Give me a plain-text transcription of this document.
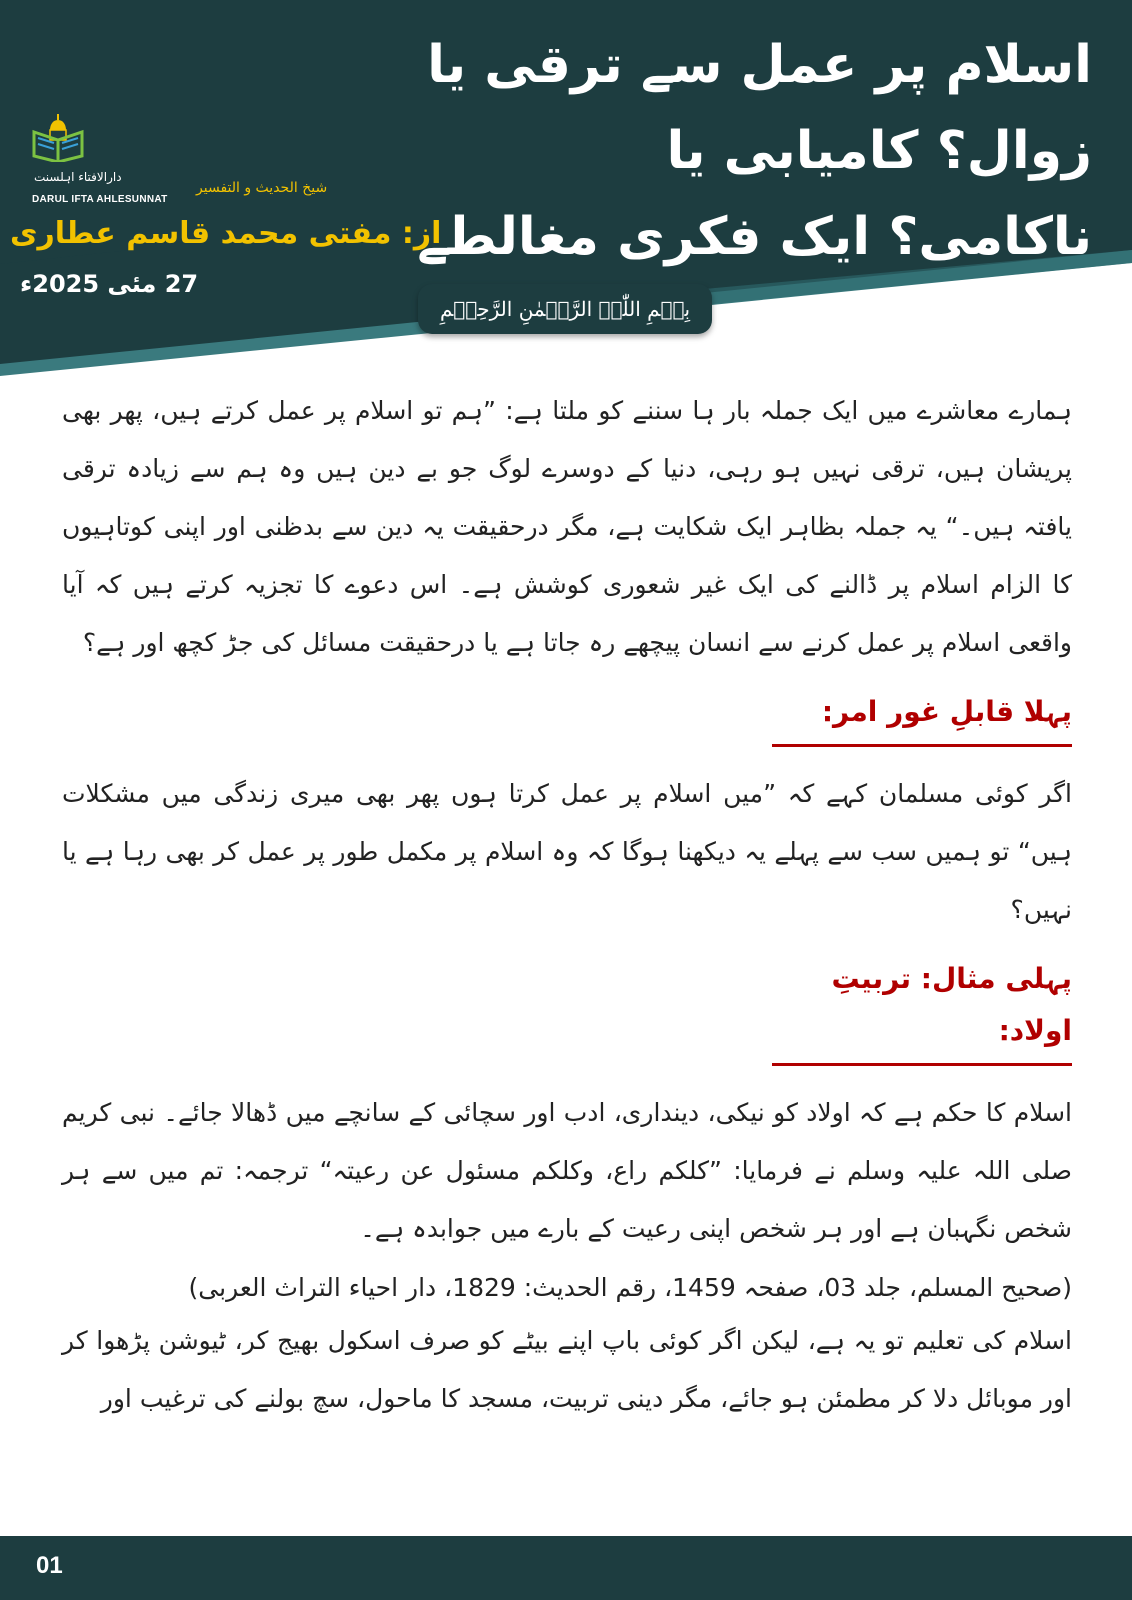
دارالافتاء اہلسنت
DARUL IFTA AHLESUNNAT
شیخ الحدیث و التفسیر
از: مفتی محمد قاسم عطاری
27 مئی 2025ء
اسلام پر عمل سے ترقی یا زوال؟ کامیابی یا
ناکامی؟ ایک فکری مغالطے
کا جائزہ
بِسۡمِ اللّٰہِ الرَّحۡمٰنِ الرَّحِیۡمِ

ہمارے معاشرے میں ایک جملہ بار ہا سننے کو ملتا ہے: ”ہم تو اسلام پر عمل کرتے ہیں، پھر بھی پریشان ہیں، ترقی نہیں ہو رہی، دنیا کے دوسرے لوگ جو بے دین ہیں وہ ہم سے زیادہ ترقی یافتہ ہیں۔“ یہ جملہ بظاہر ایک شکایت ہے، مگر درحقیقت یہ دین سے بدظنی اور اپنی کوتاہیوں کا الزام اسلام پر ڈالنے کی ایک غیر شعوری کوشش ہے۔ اس دعوے کا تجزیہ کرتے ہیں کہ آیا واقعی اسلام پر عمل کرنے سے انسان پیچھے رہ جاتا ہے یا درحقیقت مسائل کی جڑ کچھ اور ہے؟

پہلا قابلِ غور امر:

اگر کوئی مسلمان کہے کہ ”میں اسلام پر عمل کرتا ہوں پھر بھی میری زندگی میں مشکلات ہیں“ تو ہمیں سب سے پہلے یہ دیکھنا ہوگا کہ وہ اسلام پر مکمل طور پر عمل کر بھی رہا ہے یا نہیں؟

پہلی مثال: تربیتِ اولاد:

اسلام کا حکم ہے کہ اولاد کو نیکی، دینداری، ادب اور سچائی کے سانچے میں ڈھالا جائے۔ نبی کریم صلی اللہ علیہ وسلم نے فرمایا: ”کلکم راع، وکلکم مسئول عن رعیتہ“ ترجمہ: تم میں سے ہر شخص نگہبان ہے اور ہر شخص اپنی رعیت کے بارے میں جوابدہ ہے۔

(صحیح المسلم، جلد 03، صفحہ 1459، رقم الحدیث: 1829، دار احیاء التراث العربی)

اسلام کی تعلیم تو یہ ہے، لیکن اگر کوئی باپ اپنے بیٹے کو صرف اسکول بھیج کر، ٹیوشن پڑھوا کر اور موبائل دلا کر مطمئن ہو جائے، مگر دینی تربیت، مسجد کا ماحول، سچ بولنے کی ترغیب اور

01
